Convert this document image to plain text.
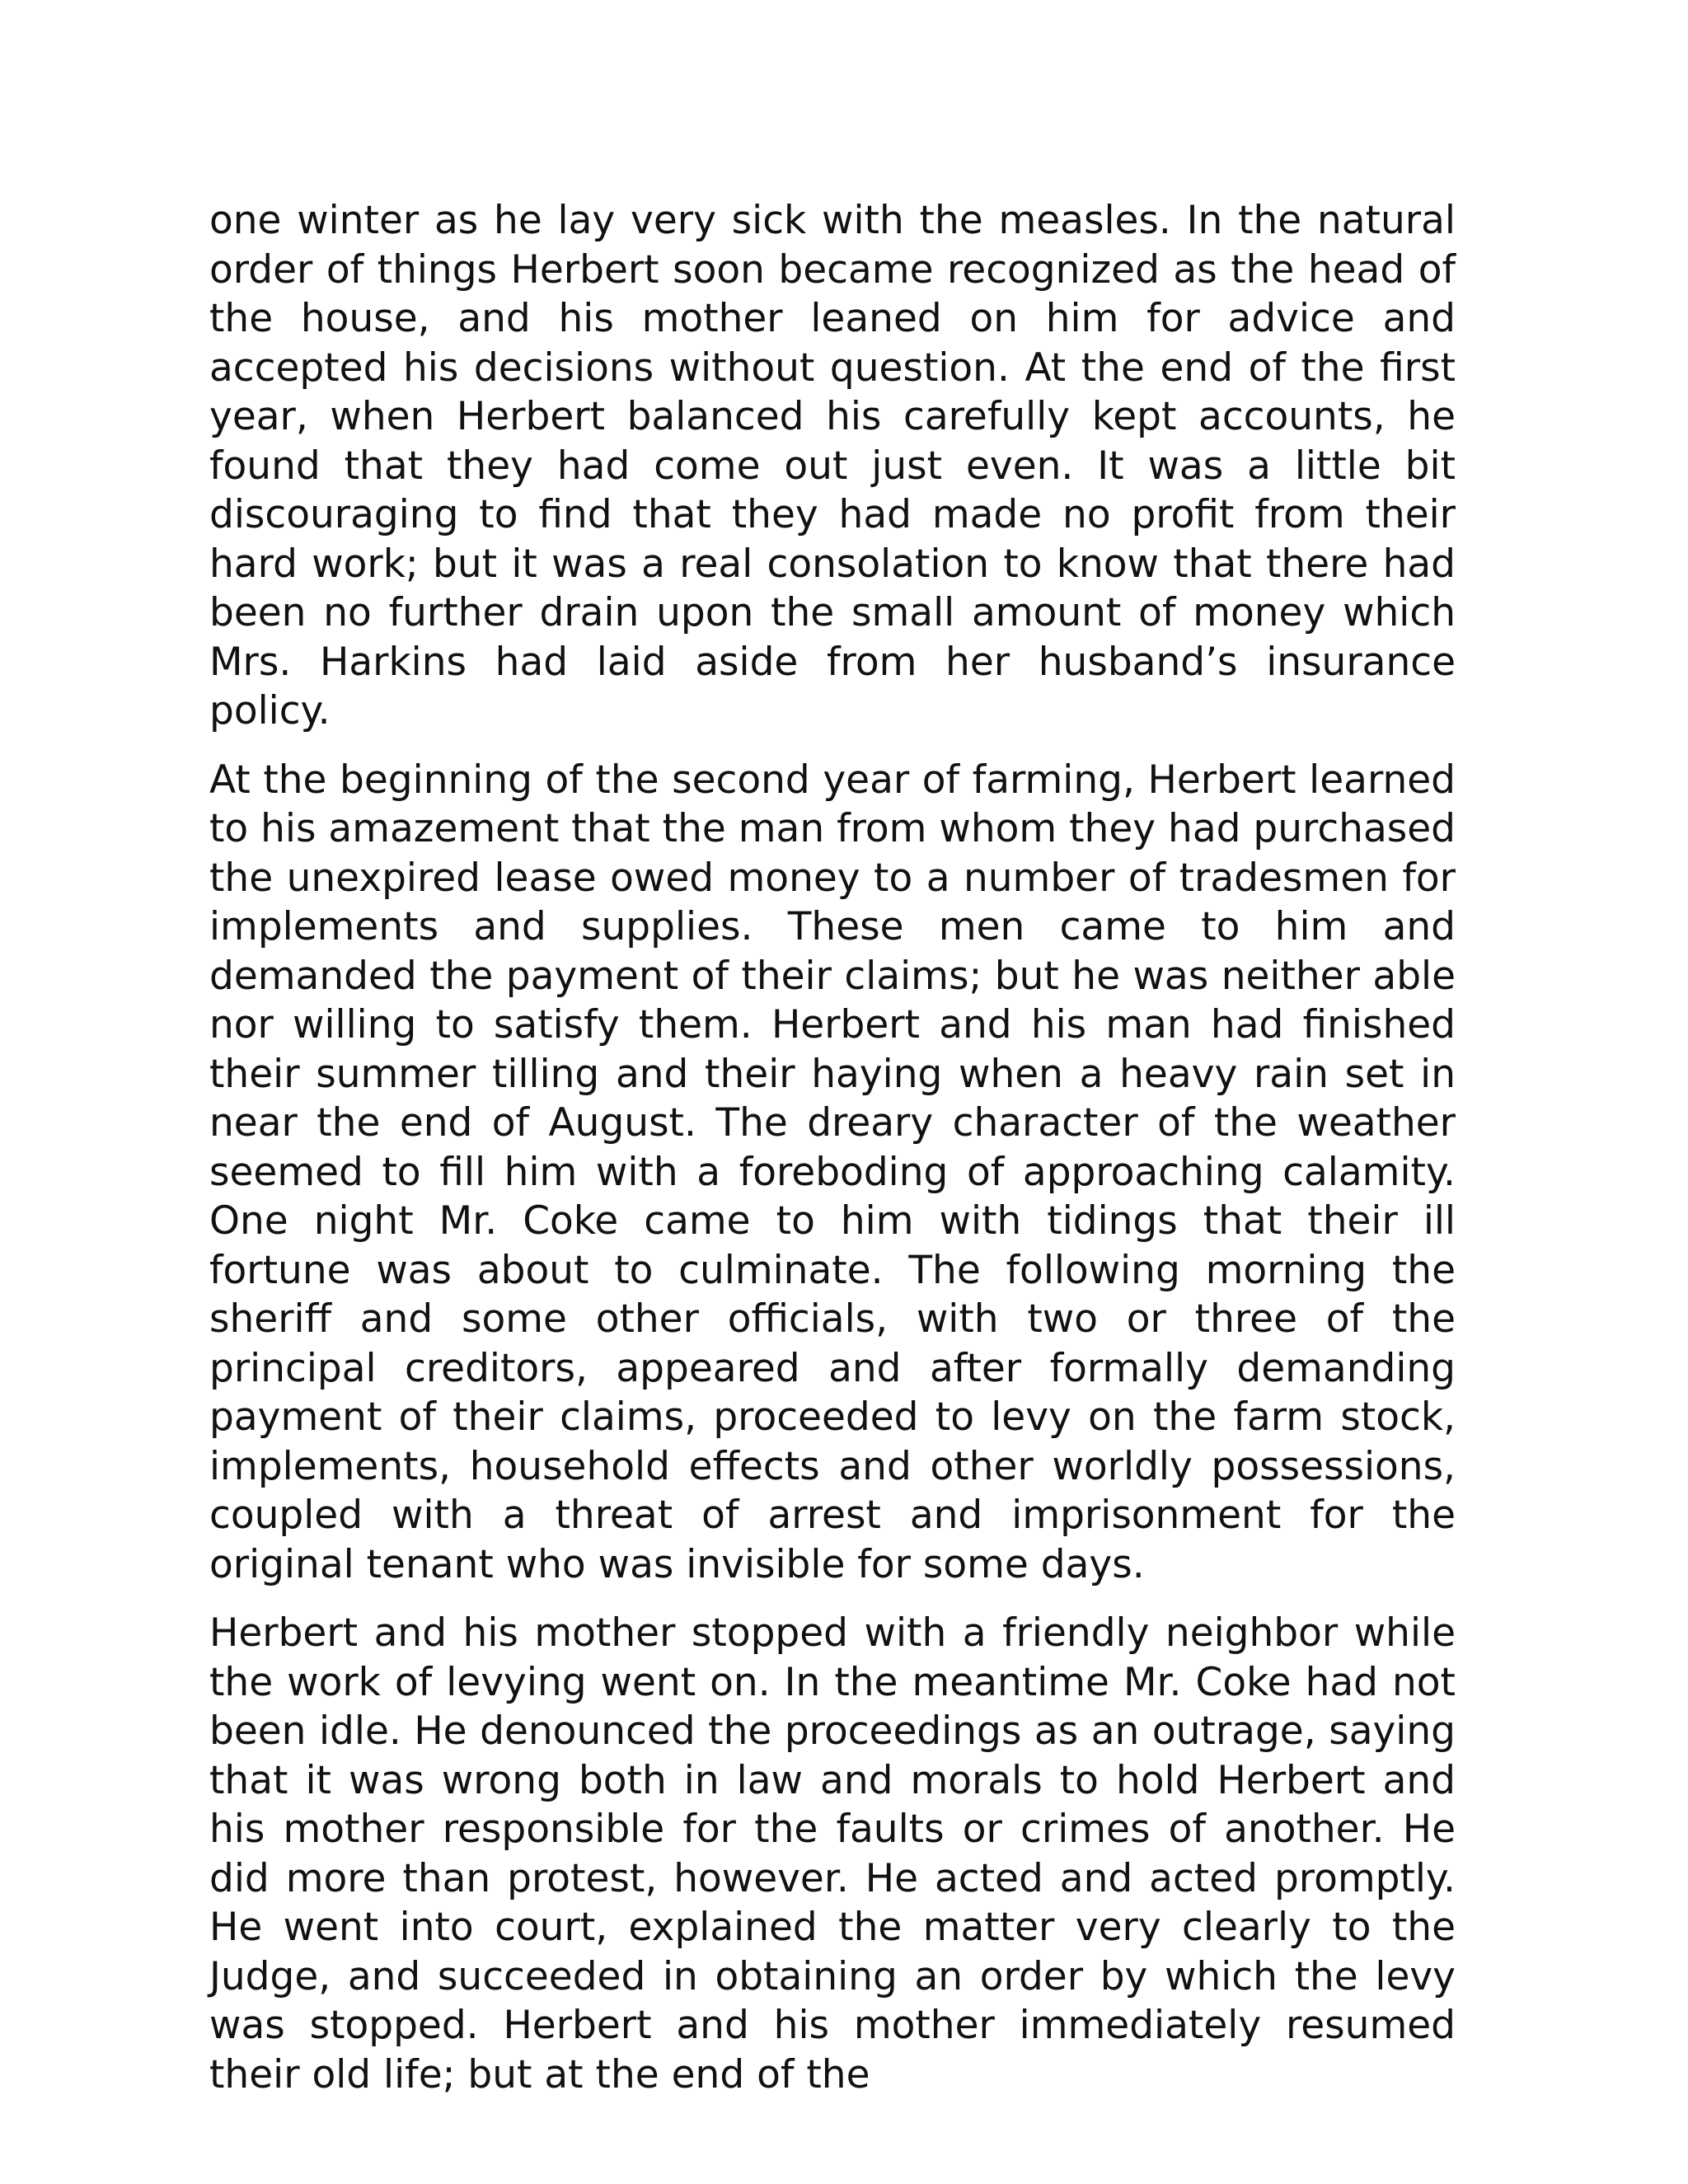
one winter as he lay very sick with the measles. In the natural order of things Herbert soon became recognized as the head of the house, and his mother leaned on him for advice and accepted his decisions without question. At the end of the first year, when Herbert balanced his carefully kept accounts, he found that they had come out just even. It was a little bit discouraging to find that they had made no profit from their hard work; but it was a real consolation to know that there had been no further drain upon the small amount of money which Mrs. Harkins had laid aside from her husband’s insurance policy.

At the beginning of the second year of farming, Herbert learned to his amazement that the man from whom they had purchased the unexpired lease owed money to a number of tradesmen for implements and supplies. These men came to him and demanded the payment of their claims; but he was neither able nor willing to satisfy them. Herbert and his man had finished their summer tilling and their haying when a heavy rain set in near the end of August. The dreary character of the weather seemed to fill him with a foreboding of approaching calamity. One night Mr. Coke came to him with tidings that their ill fortune was about to culminate. The following morning the sheriff and some other officials, with two or three of the principal creditors, appeared and after formally demanding payment of their claims, proceeded to levy on the farm stock, implements, household effects and other worldly possessions, coupled with a threat of arrest and imprisonment for the original tenant who was invisible for some days.

Herbert and his mother stopped with a friendly neighbor while the work of levying went on. In the meantime Mr. Coke had not been idle. He denounced the proceedings as an outrage, saying that it was wrong both in law and morals to hold Herbert and his mother responsible for the faults or crimes of another. He did more than protest, however. He acted and acted promptly. He went into court, explained the matter very clearly to the Judge, and succeeded in obtaining an order by which the levy was stopped. Herbert and his mother immediately resumed their old life; but at the end of the
